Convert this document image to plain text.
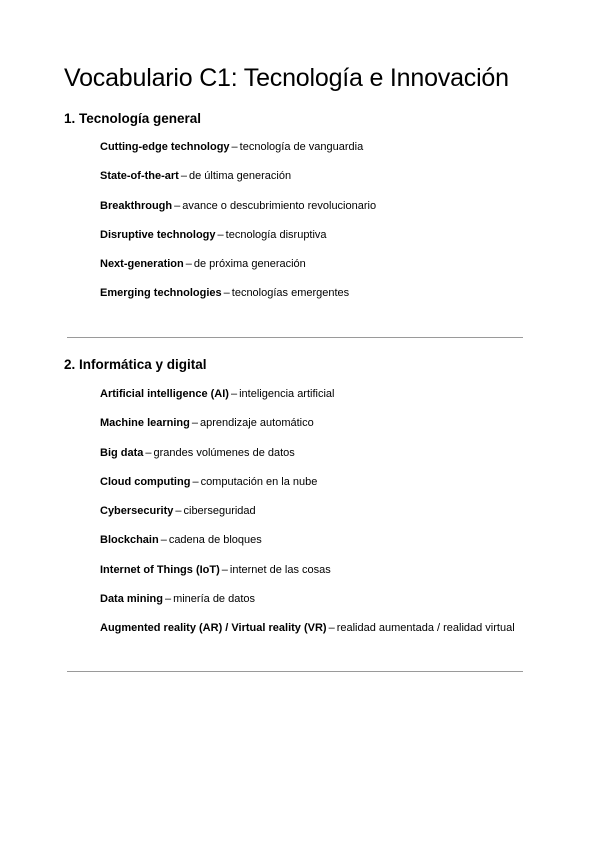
Vocabulario C1: Tecnología e Innovación
1. Tecnología general
Cutting-edge technology – tecnología de vanguardia
State-of-the-art – de última generación
Breakthrough – avance o descubrimiento revolucionario
Disruptive technology – tecnología disruptiva
Next-generation – de próxima generación
Emerging technologies – tecnologías emergentes
2. Informática y digital
Artificial intelligence (AI) – inteligencia artificial
Machine learning – aprendizaje automático
Big data – grandes volúmenes de datos
Cloud computing – computación en la nube
Cybersecurity – ciberseguridad
Blockchain – cadena de bloques
Internet of Things (IoT) – internet de las cosas
Data mining – minería de datos
Augmented reality (AR) / Virtual reality (VR) – realidad aumentada / realidad virtual
